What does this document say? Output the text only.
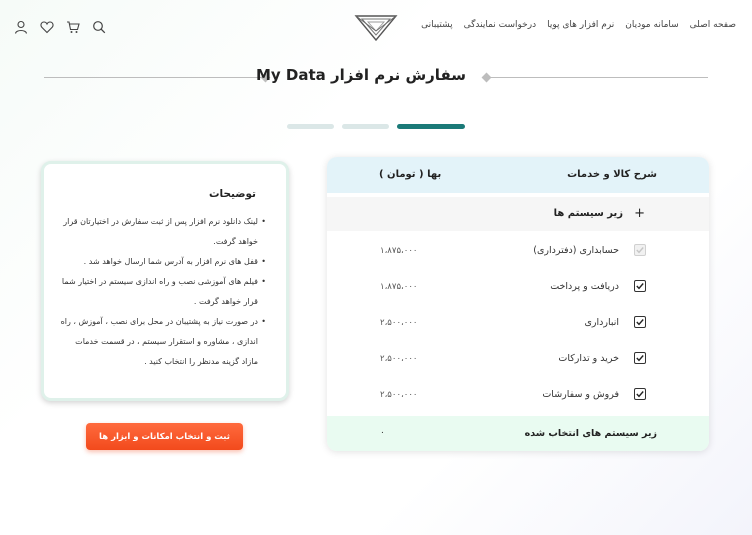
صفحه اصلی
سامانه مودیان
نرم افزار های پویا
درخواست نمایندگی
پشتیبانی
سفارش نرم افزار My Data
شرح کالا و خدمات
بها ( تومان )
+
زیر سیستم ها
حسابداری (دفترداری)
۱،۸۷۵،۰۰۰
دریافت و پرداخت
۱،۸۷۵،۰۰۰
انبارداری
۲،۵۰۰،۰۰۰
خرید و تدارکات
۲،۵۰۰،۰۰۰
فروش و سفارشات
۲،۵۰۰،۰۰۰
زیر سیستم های انتخاب شده
۰
توضیحات
• لینک دانلود نرم افزار پس از ثبت سفارش در اختیارتان قرار خواهد گرفت.
• قفل های نرم افزار به آدرس شما ارسال خواهد شد .
• فیلم های آموزشی نصب و راه اندازی سیستم در اختیار شما قرار خواهد گرفت .
• در صورت نیاز به پشتیبان در محل برای نصب ، آموزش ، راه اندازی ، مشاوره و استقرار سیستم ، در قسمت خدمات مازاد گزینه مدنظر را انتخاب کنید .
ثبت و انتخاب امکانات و ابزار ها
